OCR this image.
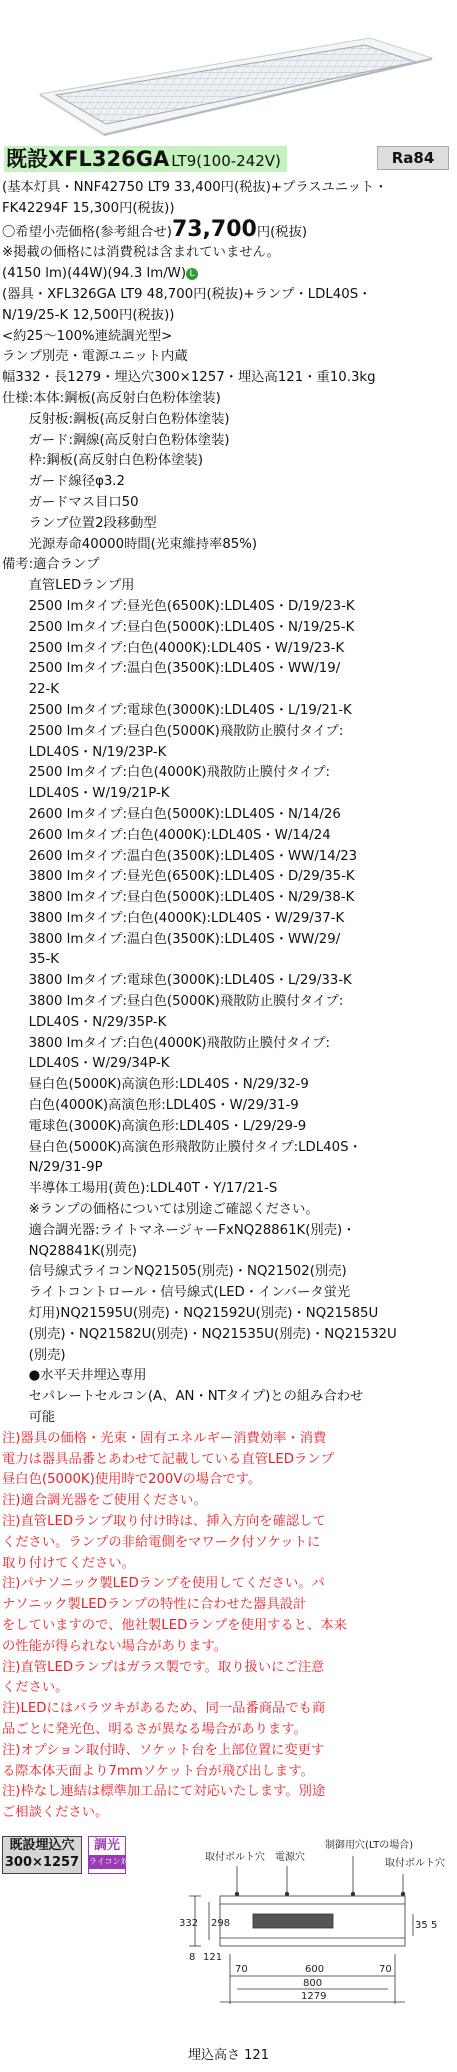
既設XFL326GA LT9(100-242V)	Ra84
(基本灯具・NNF42750 LT9 33,400円(税抜)+プラスユニット・
FK42294F 15,300円(税抜))
〇希望小売価格(参考組合せ)73,700円(税抜)
※掲載の価格には消費税は含まれていません。
(4150 lm)(44W)(94.3 lm/W) L
(器具・XFL326GA LT9 48,700円(税抜)+ランプ・LDL40S・
N/19/25-K 12,500円(税抜))
<約25～100%連続調光型>
ランプ別売・電源ユニット内蔵
幅332・長1279・埋込穴300×1257・埋込高121・重10.3kg
仕様:本体:鋼板(高反射白色粉体塗装)
　　反射板:鋼板(高反射白色粉体塗装)
　　ガード:鋼線(高反射白色粉体塗装)
　　枠:鋼板(高反射白色粉体塗装)
　　ガード線径φ3.2
　　ガードマス目口50
　　ランプ位置2段移動型
　　光源寿命40000時間(光束維持率85%)
備考:適合ランプ
　　直管LEDランプ用
　　2500 lmタイプ:昼光色(6500K):LDL40S・D/19/23-K
　　2500 lmタイプ:昼白色(5000K):LDL40S・N/19/25-K
　　2500 lmタイプ:白色(4000K):LDL40S・W/19/23-K
　　2500 lmタイプ:温白色(3500K):LDL40S・WW/19/
　　22-K
　　2500 lmタイプ:電球色(3000K):LDL40S・L/19/21-K
　　2500 lmタイプ:昼白色(5000K)飛散防止膜付タイプ:
　　LDL40S・N/19/23P-K
　　2500 lmタイプ:白色(4000K)飛散防止膜付タイプ:
　　LDL40S・W/19/21P-K
　　2600 lmタイプ:昼白色(5000K):LDL40S・N/14/26
　　2600 lmタイプ:白色(4000K):LDL40S・W/14/24
　　2600 lmタイプ:温白色(3500K):LDL40S・WW/14/23
　　3800 lmタイプ:昼光色(6500K):LDL40S・D/29/35-K
　　3800 lmタイプ:昼白色(5000K):LDL40S・N/29/38-K
　　3800 lmタイプ:白色(4000K):LDL40S・W/29/37-K
　　3800 lmタイプ:温白色(3500K):LDL40S・WW/29/
　　35-K
　　3800 lmタイプ:電球色(3000K):LDL40S・L/29/33-K
　　3800 lmタイプ:昼白色(5000K)飛散防止膜付タイプ:
　　LDL40S・N/29/35P-K
　　3800 lmタイプ:白色(4000K)飛散防止膜付タイプ:
　　LDL40S・W/29/34P-K
　　昼白色(5000K)高演色形:LDL40S・N/29/32-9
　　白色(4000K)高演色形:LDL40S・W/29/31-9
　　電球色(3000K)高演色形:LDL40S・L/29/29-9
　　昼白色(5000K)高演色形飛散防止膜付タイプ:LDL40S・
　　N/29/31-9P
　　半導体工場用(黄色):LDL40T・Y/17/21-S
　　※ランプの価格については別途ご確認ください。
　　適合調光器:ライトマネージャーFxNQ28861K(別売)・
　　NQ28841K(別売)
　　信号線式ライコンNQ21505(別売)・NQ21502(別売)
　　ライトコントロール・信号線式(LED・インバータ蛍光
　　灯用)NQ21595U(別売)・NQ21592U(別売)・NQ21585U
　　(別売)・NQ21582U(別売)・NQ21535U(別売)・NQ21532U
　　(別売)
　　●水平天井埋込専用
　　セパレートセルコン(A、AN・NTタイプ)との組み合わせ
　　可能
注)器具の価格・光束・固有エネルギー消費効率・消費
電力は器具品番とあわせて記載している直管LEDランプ
昼白色(5000K)使用時で200Vの場合です。
注)適合調光器をご使用ください。
注)直管LEDランプ取り付け時は、挿入方向を確認して
ください。ランプの非給電側をマワーク付ソケットに
取り付けてください。
注)パナソニック製LEDランプを使用してください。パ
ナソニック製LEDランプの特性に合わせた器具設計
をしていますので、他社製LEDランプを使用すると、本来
の性能が得られない場合があります。
注)直管LEDランプはガラス製です。取り扱いにご注意
ください。
注)LEDにはバラツキがあるため、同一品番商品でも商
品ごとに発光色、明るさが異なる場合があります。
注)オプション取付時、ソケット台を上部位置に変更す
る際本体天面より7mmソケット台が飛び出します。
注)枠なし連結は標準加工品にて対応いたします。別途
ご相談ください。
既設埋込穴
300×1257
調光
ライコン対応	取付ボルト穴 電源穴
制御用穴(LTの場合)
取付ボルト穴
332 298	35 5
8 121
70	600	70
800
1279
埋込高さ 121
